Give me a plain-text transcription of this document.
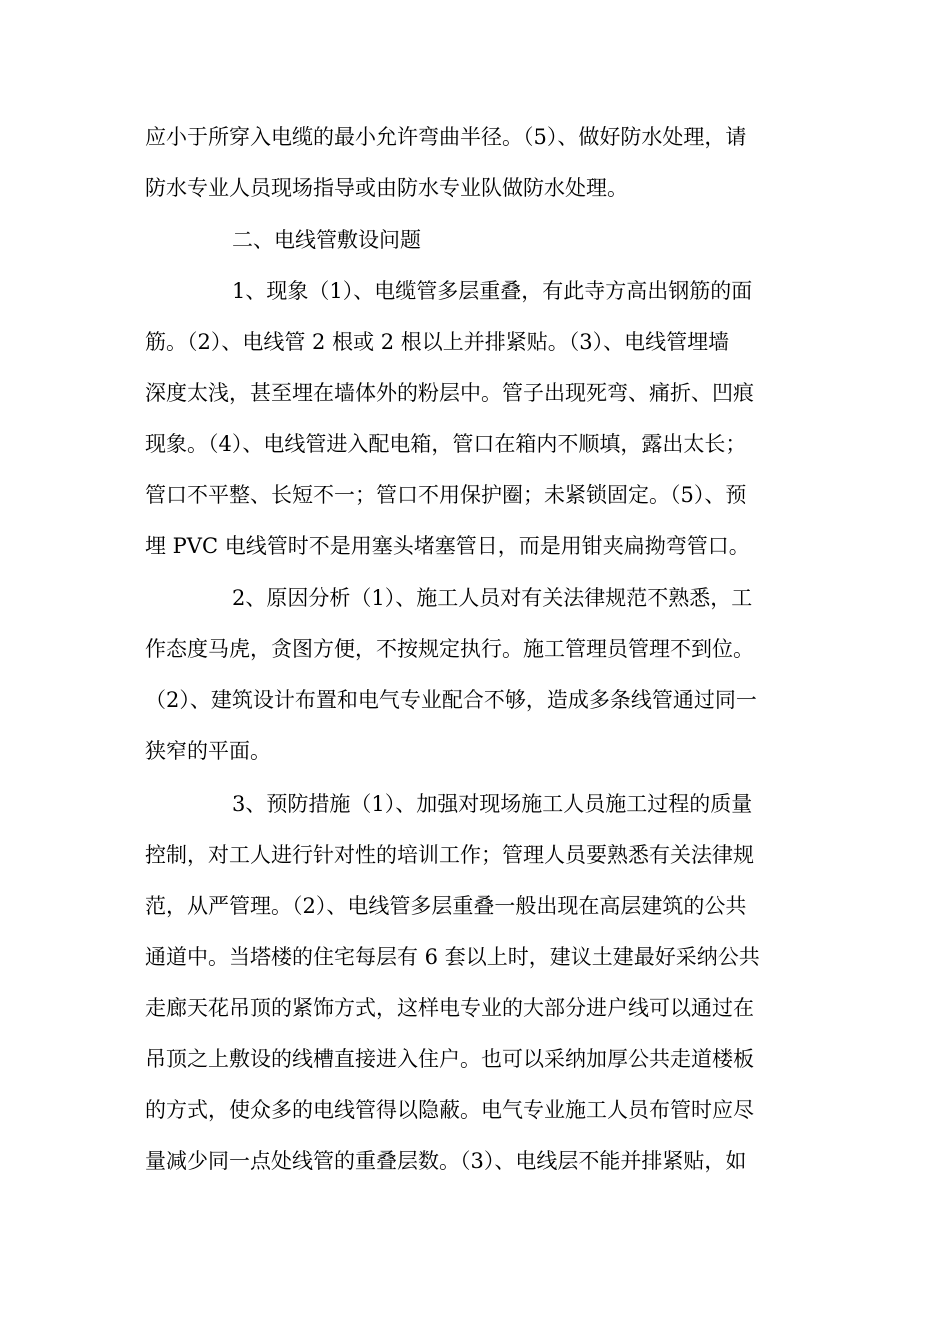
应小于所穿入电缆的最小允许弯曲半径。（5）、做好防水处理，请
防水专业人员现场指导或由防水专业队做防水处理。
二、电线管敷设问题
1、现象（1）、电缆管多层重叠，有此寺方高出钢筋的面
筋。（2）、电线管 2 根或 2 根以上并排紧贴。（3）、电线管埋墙
深度太浅，甚至埋在墙体外的粉层中。管子出现死弯、痛折、凹痕
现象。（4）、电线管进入配电箱，管口在箱内不顺填，露出太长；
管口不平整、长短不一；管口不用保护圈；未紧锁固定。（5）、预
埋 PVC 电线管时不是用塞头堵塞管日，而是用钳夹扁拗弯管口。
2、原因分析（1）、施工人员对有关法律规范不熟悉，工
作态度马虎，贪图方便，不按规定执行。施工管理员管理不到位。
（2）、建筑设计布置和电气专业配合不够，造成多条线管通过同一
狭窄的平面。
3、预防措施（1）、加强对现场施工人员施工过程的质量
控制，对工人进行针对性的培训工作；管理人员要熟悉有关法律规
范，从严管理。（2）、电线管多层重叠一般出现在高层建筑的公共
通道中。当塔楼的住宅每层有 6 套以上时，建议土建最好采纳公共
走廊天花吊顶的紧饰方式，这样电专业的大部分进户线可以通过在
吊顶之上敷设的线槽直接进入住户。也可以采纳加厚公共走道楼板
的方式，使众多的电线管得以隐蔽。电气专业施工人员布管时应尽
量减少同一点处线管的重叠层数。（3）、电线层不能并排紧贴，如
